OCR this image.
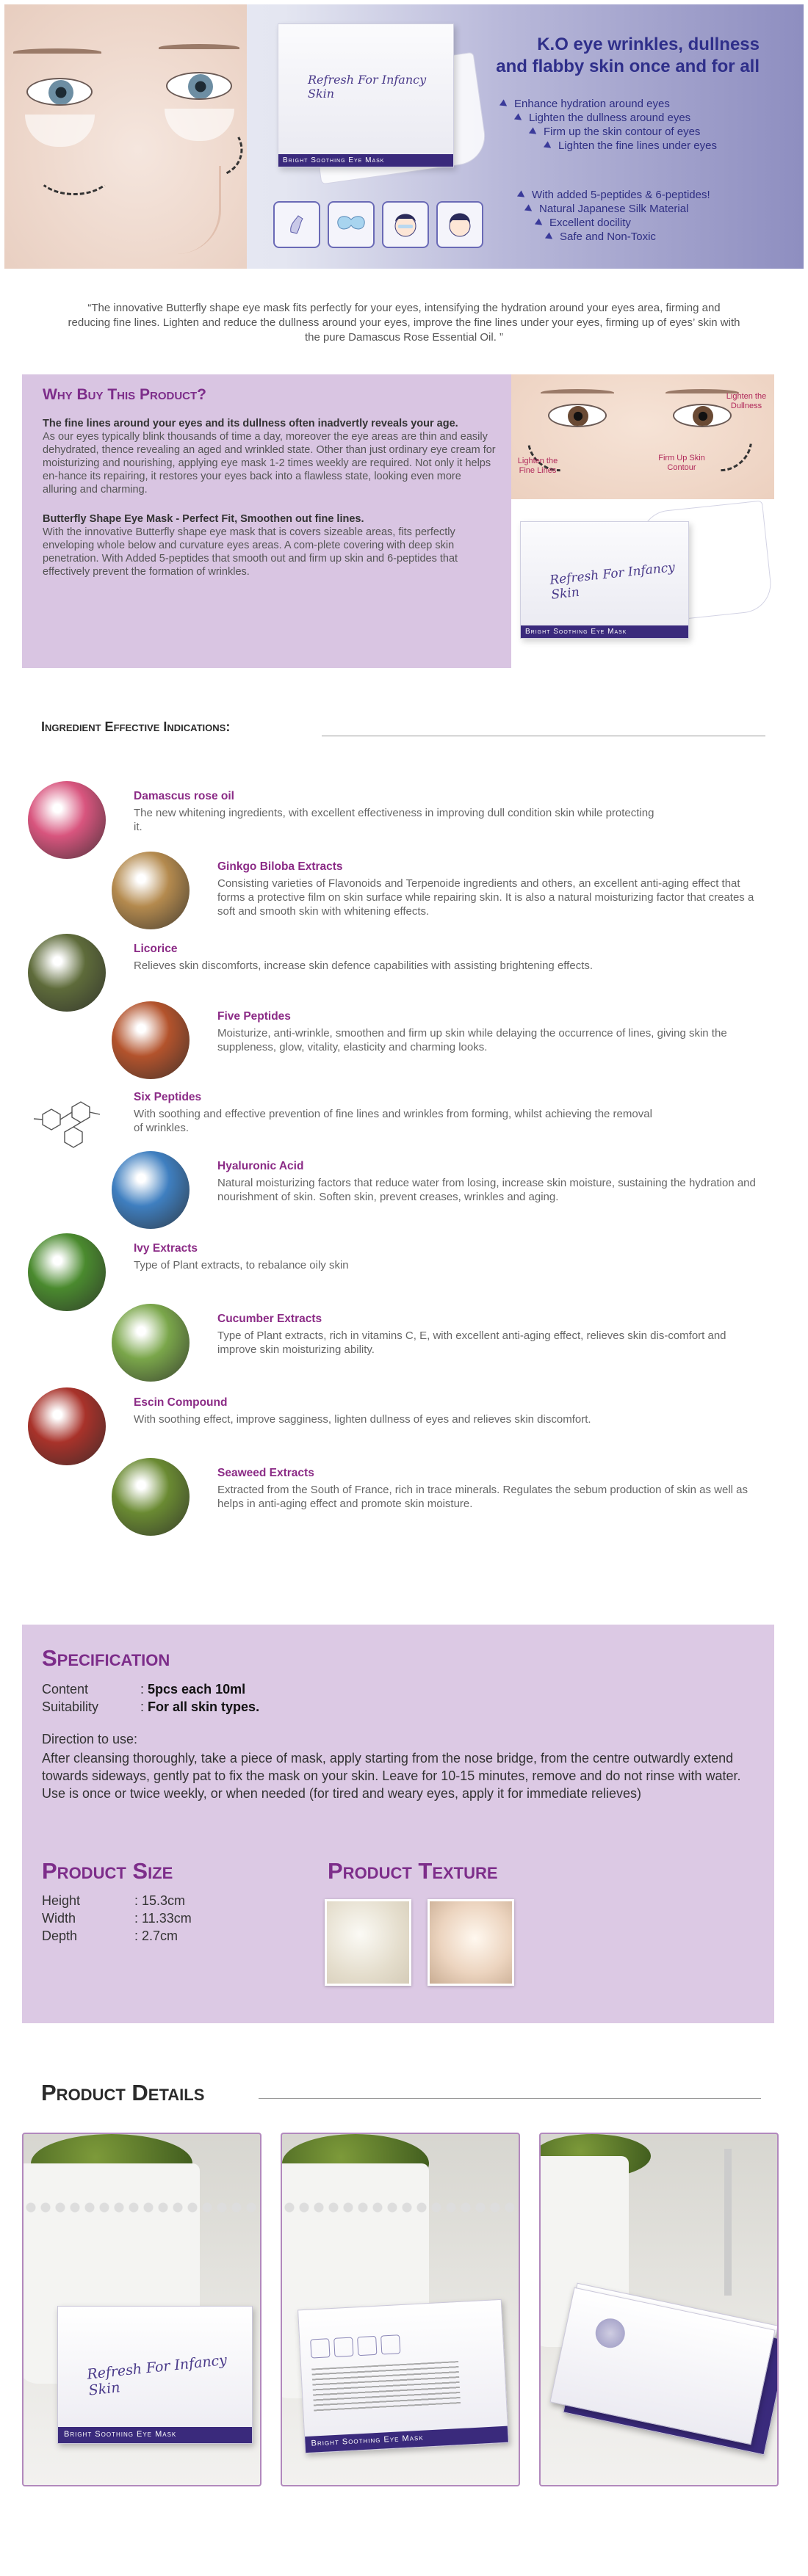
Refresh For Infancy Skin
Bright Soothing Eye Mask
K.O eye wrinkles, dullness
and flabby skin once and for all
Enhance hydration around eyes
Lighten the dullness around eyes
Firm up the skin contour of eyes
Lighten the fine lines under eyes
With added 5-peptides & 6-peptides!
Natural Japanese Silk Material
Excellent docility
Safe and Non-Toxic
“The innovative Butterfly shape eye mask fits perfectly for your eyes, intensifying the hydration around your eyes area, firming and reducing fine lines. Lighten and reduce the dullness around your eyes, improve the fine lines under your eyes, firming up of eyes’ skin with the pure Damascus Rose Essential Oil. ”
Why Buy This Product?
The fine lines around your eyes and its dullness often inadvertly reveals your age.

As our eyes typically blink thousands of time a day, moreover the eye areas are thin and easily dehydrated, thence revealing an aged and wrinkled state. Other than just ordinary eye cream for moisturizing and nourishing, applying eye mask 1-2 times weekly are required. Not only it helps en-hance its repairing, it restores your eyes back into a flawless state, looking even more alluring and charming.

Butterfly Shape Eye Mask - Perfect Fit, Smoothen out fine lines.

With the innovative Butterfly shape eye mask that is covers sizeable areas, fits perfectly enveloping whole below and curvature eyes areas. A com-plete covering with deep skin penetration. With Added 5-peptides that smooth out and firm up skin and 6-peptides that effectively prevent the formation of wrinkles.

Lighten the Dullness
Lighten the Fine Lines
Firm Up Skin Contour
Refresh For Infancy Skin
Bright Soothing Eye Mask
Ingredient Effective Indications:
Damascus rose oil
The new whitening ingredients, with excellent effectiveness in improving dull condition skin while protecting it.
Ginkgo Biloba Extracts
Consisting varieties of Flavonoids and Terpenoide ingredients and others, an excellent anti-aging effect that forms a protective film on skin surface while repairing skin. It is also a natural moisturizing factor that creates a soft and smooth skin with whitening effects.
Licorice
Relieves skin discomforts, increase skin defence capabilities with assisting brightening effects.
Five Peptides
Moisturize, anti-wrinkle, smoothen and firm up skin while delaying the occurrence of lines, giving skin the suppleness, glow, vitality, elasticity and charming looks.
Six Peptides
With soothing and effective prevention of fine lines and wrinkles from forming, whilst achieving the removal of wrinkles.
Hyaluronic Acid
Natural moisturizing factors that reduce water from losing, increase skin moisture, sustaining the hydration and nourishment of skin. Soften skin, prevent creases, wrinkles and aging.
Ivy Extracts
Type of Plant extracts, to rebalance oily skin
Cucumber Extracts
Type of Plant extracts, rich in vitamins C, E, with excellent anti-aging effect, relieves skin dis-comfort and improve skin moisturizing ability.
Escin Compound
With soothing effect, improve sagginess, lighten dullness of eyes and relieves skin discomfort.
Seaweed Extracts
Extracted from the South of France, rich in trace minerals. Regulates the sebum production of skin as well as helps in anti-aging effect and promote skin moisture.
Specification
Content	: 5pcs each 10ml
Suitability	: For all skin types.
Direction to use:
After cleansing thoroughly, take a piece of mask, apply starting from the nose bridge, from the centre outwardly extend towards sideways, gently pat to fix the mask on your skin. Leave for 10-15 minutes, remove and do not rinse with water. Use is once or twice weekly, or when needed (for tired and weary eyes, apply it for immediate relieves)
Product Size
Height	: 15.3cm
Width	: 11.33cm
Depth	: 2.7cm
Product Texture
Product Details
Refresh For Infancy Skin
Bright Soothing Eye Mask	Bright Soothing Eye Mask
